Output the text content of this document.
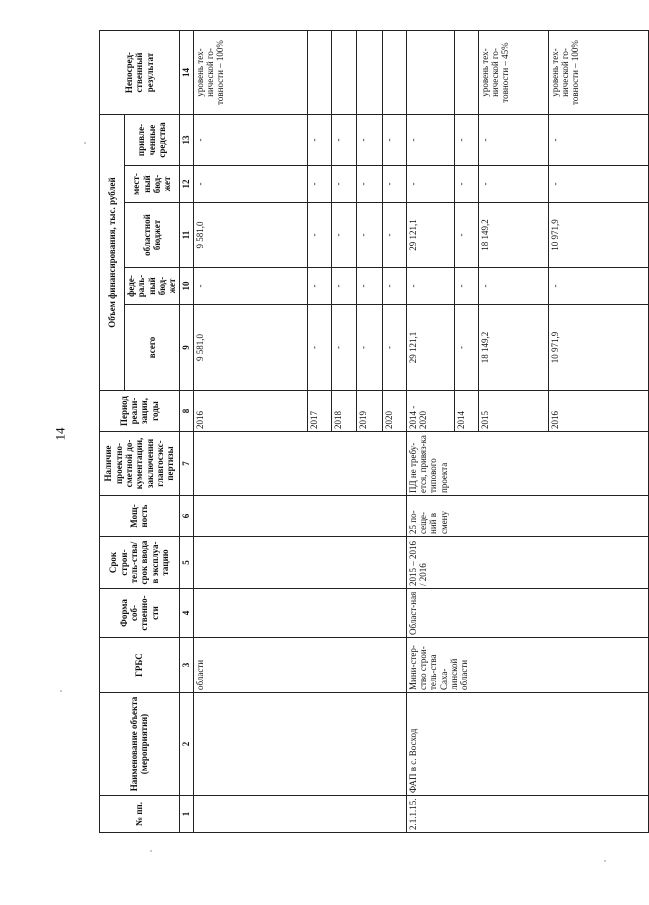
14
№ пп.	Наименование объекта (мероприятия)	ГРБС	Форма соб-ственно-сти	Срок строи-тель-ства/срок ввода в эксплуа-тацию	Мощ-ность	Наличие проектно-сметной до-кументации, заключения главгосэкс-пертизы	Период реали-зации, годы	Объем финансирования, тыс. рублей					Непосред-ственный результат
								всего	феде-раль-ный бюд-жет	областной бюджет	мест-ный бюд-жет	привле-ченные средства	
1	2	3	4	5	6	7	8	9	10	11	12	13	14
		области					2016	9 581,0	-	9 581,0	-	-	уровень тех-нической го-товности – 100%
							2017	-	-	-	-	-	
							2018	-	-	-	-	-	
							2019	-	-	-	-	-	
							2020	-	-	-	-	-	
2.1.1.15.	ФАП в с. Восход	Мини-стер-ство строи-тель-ства Саха-линской области	Област-ная	2015 – 2016 / 2016	25 по-сеще-ний в смену	ПД не требу-ется, привяз-ка типового проекта	2014 - 2020	29 121,1	-	29 121,1	-	-	
							2014	-	-	-	-	-	
							2015	18 149,2	-	18 149,2	-	-	уровень тех-нической го-товности – 45%
							2016	10 971,9	-	10 971,9	-	-	уровень тех-нической го-товности – 100%
